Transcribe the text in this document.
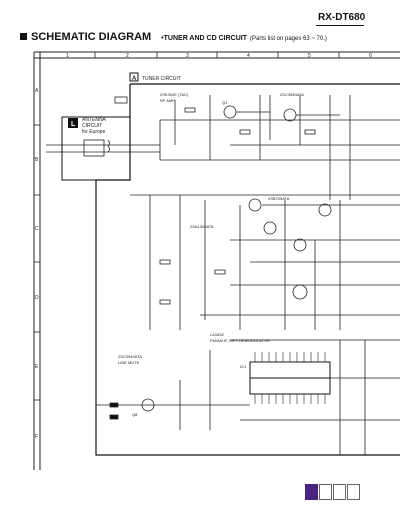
RX-DT680
SCHEMATIC DIAGRAM •TUNER AND CD CIRCUIT (Parts list on pages 63 ~ 70.)
1	2	3	4	5	6
A
B
C
D
E
F
A TUNER CIRCUIT
L
ANTENNA
CIRCUIT
for Europe
2SK304E (TAC)
Q1
RF AMP
2SC3940ATA
2SB709ATA
2SA1309ATA
2SC3940ATA
LINE MUTE
IC1
LA1832
FM/AM IF, MPX DEMODULATOR
Q8
